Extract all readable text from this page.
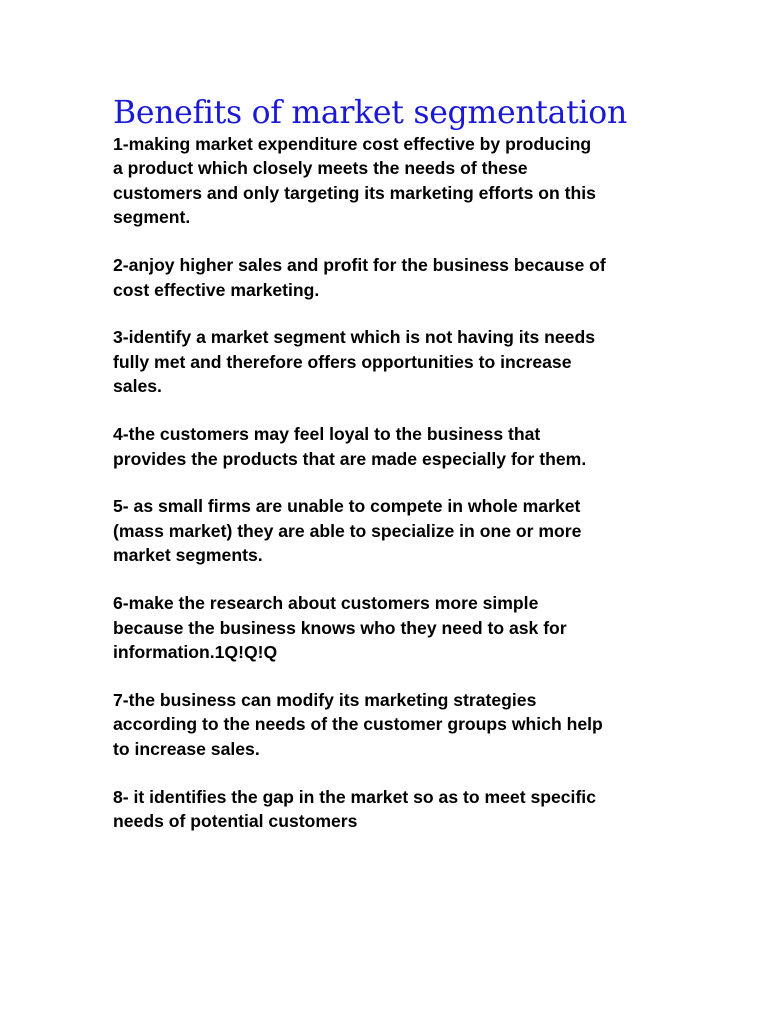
Benefits of market segmentation
1-making market expenditure cost effective by producing
a product which closely meets the needs of these
customers and only targeting its marketing efforts on this
segment.
2-anjoy higher sales and profit for the business because of
cost effective marketing.
3-identify a market segment which is not having its needs
fully met and therefore offers opportunities to increase
sales.
4-the customers may feel loyal to the business that
provides the products that are made especially for them.
5- as small firms are unable to compete in whole market
(mass market) they are able to specialize in one or more
market segments.
6-make the research about customers more simple
because the business knows who they need to ask for
information.1Q!Q!Q
7-the business can modify its marketing strategies
according to the needs of the customer groups which help
to increase sales.
8- it identifies the gap in the market so as to meet specific
needs of potential customers
